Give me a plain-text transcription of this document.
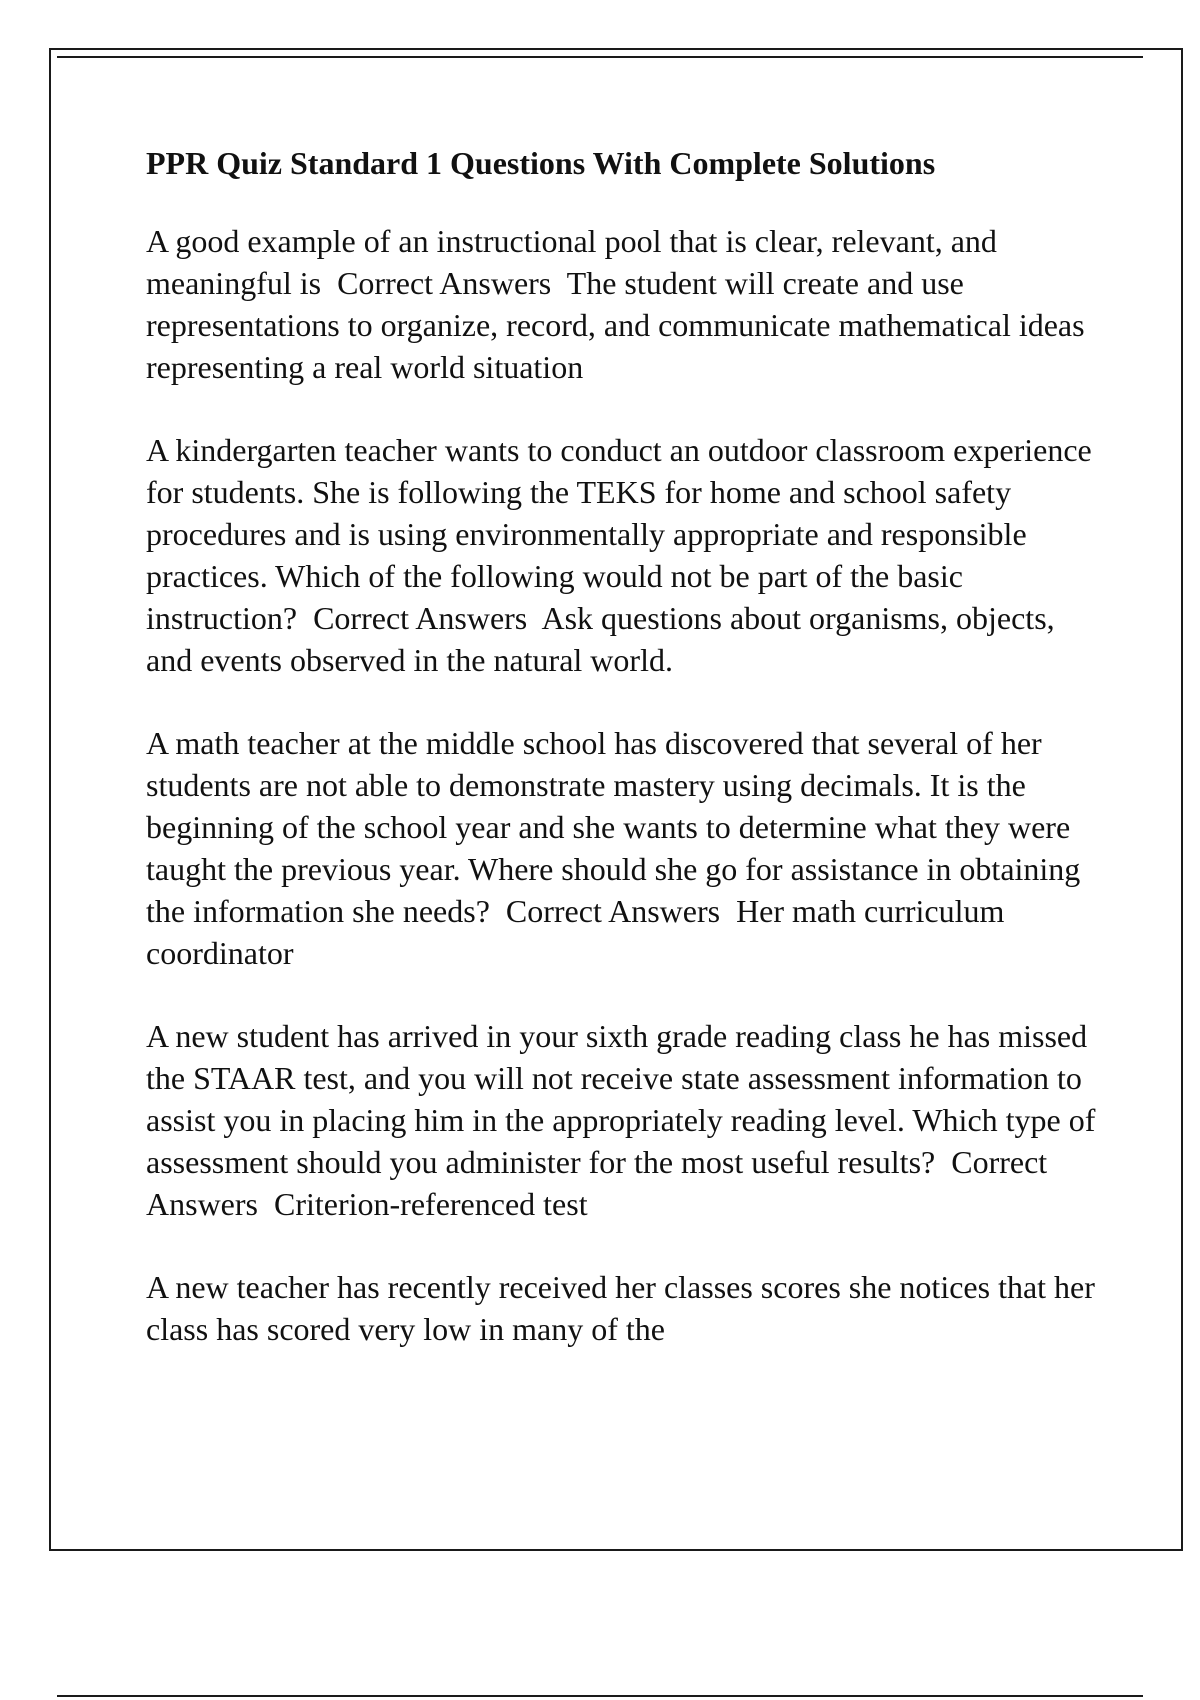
PPR Quiz Standard 1 Questions With Complete Solutions
A good example of an instructional pool that is clear, relevant, and meaningful is  Correct Answers  The student will create and use representations to organize, record, and communicate mathematical ideas representing a real world situation
A kindergarten teacher wants to conduct an outdoor classroom experience for students. She is following the TEKS for home and school safety procedures and is using environmentally appropriate and responsible practices. Which of the following would not be part of the basic instruction?  Correct Answers  Ask questions about organisms, objects, and events observed in the natural world.
A math teacher at the middle school has discovered that several of her students are not able to demonstrate mastery using decimals. It is the beginning of the school year and she wants to determine what they were taught the previous year. Where should she go for assistance in obtaining the information she needs?  Correct Answers  Her math curriculum coordinator
A new student has arrived in your sixth grade reading class he has missed the STAAR test, and you will not receive state assessment information to assist you in placing him in the appropriately reading level. Which type of assessment should you administer for the most useful results?  Correct Answers  Criterion-referenced test
A new teacher has recently received her classes scores she notices that her class has scored very low in many of the
